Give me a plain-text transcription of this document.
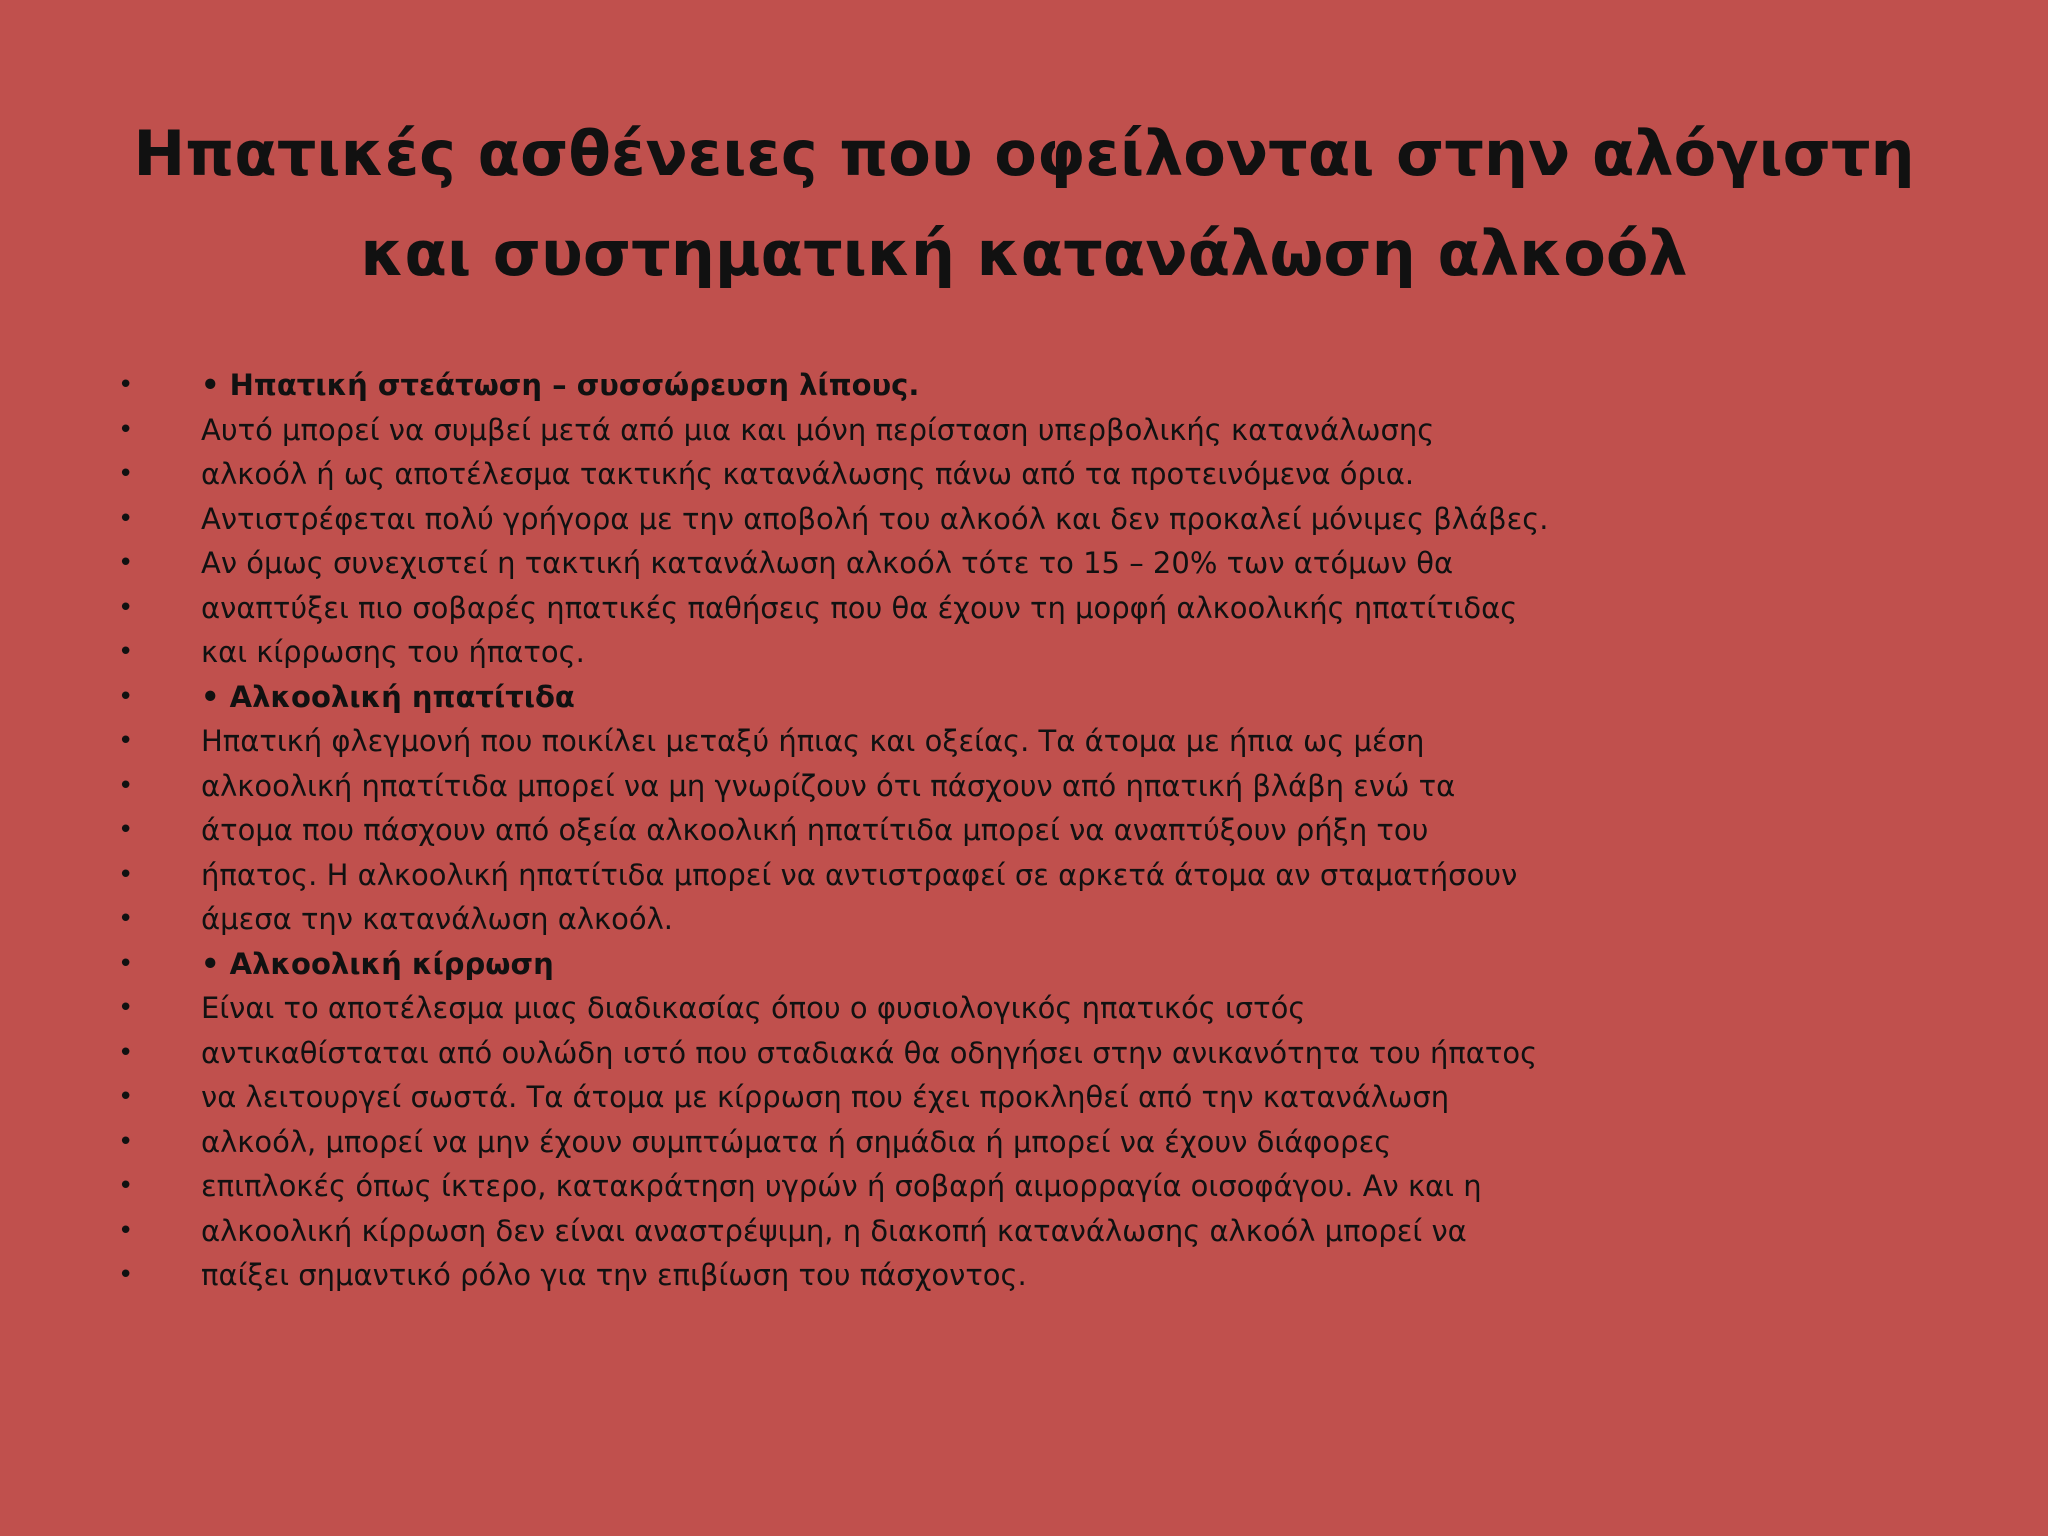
Ηπατικές ασθένειες που οφείλονται στην αλόγιστη
και συστηματική κατανάλωση αλκοόλ
• • Ηπατική στεάτωση – συσσώρευση λίπους.
• Αυτό μπορεί να συμβεί μετά από μια και μόνη περίσταση υπερβολικής κατανάλωσης
• αλκοόλ ή ως αποτέλεσμα τακτικής κατανάλωσης πάνω από τα προτεινόμενα όρια.
• Αντιστρέφεται πολύ γρήγορα με την αποβολή του αλκοόλ και δεν προκαλεί μόνιμες βλάβες.
• Αν όμως συνεχιστεί η τακτική κατανάλωση αλκοόλ τότε το 15 – 20% των ατόμων θα
• αναπτύξει πιο σοβαρές ηπατικές παθήσεις που θα έχουν τη μορφή αλκοολικής ηπατίτιδας
• και κίρρωσης του ήπατος.
• • Αλκοολική ηπατίτιδα
• Ηπατική φλεγμονή που ποικίλει μεταξύ ήπιας και οξείας. Τα άτομα με ήπια ως μέση
• αλκοολική ηπατίτιδα μπορεί να μη γνωρίζουν ότι πάσχουν από ηπατική βλάβη ενώ τα
• άτομα που πάσχουν από οξεία αλκοολική ηπατίτιδα μπορεί να αναπτύξουν ρήξη του
• ήπατος. Η αλκοολική ηπατίτιδα μπορεί να αντιστραφεί σε αρκετά άτομα αν σταματήσουν
• άμεσα την κατανάλωση αλκοόλ.
• • Αλκοολική κίρρωση
• Είναι το αποτέλεσμα μιας διαδικασίας όπου ο φυσιολογικός ηπατικός ιστός
• αντικαθίσταται από ουλώδη ιστό που σταδιακά θα οδηγήσει στην ανικανότητα του ήπατος
• να λειτουργεί σωστά. Τα άτομα με κίρρωση που έχει προκληθεί από την κατανάλωση
• αλκοόλ, μπορεί να μην έχουν συμπτώματα ή σημάδια ή μπορεί να έχουν διάφορες
• επιπλοκές όπως ίκτερο, κατακράτηση υγρών ή σοβαρή αιμορραγία οισοφάγου. Αν και η
• αλκοολική κίρρωση δεν είναι αναστρέψιμη, η διακοπή κατανάλωσης αλκοόλ μπορεί να
• παίξει σημαντικό ρόλο για την επιβίωση του πάσχοντος.
